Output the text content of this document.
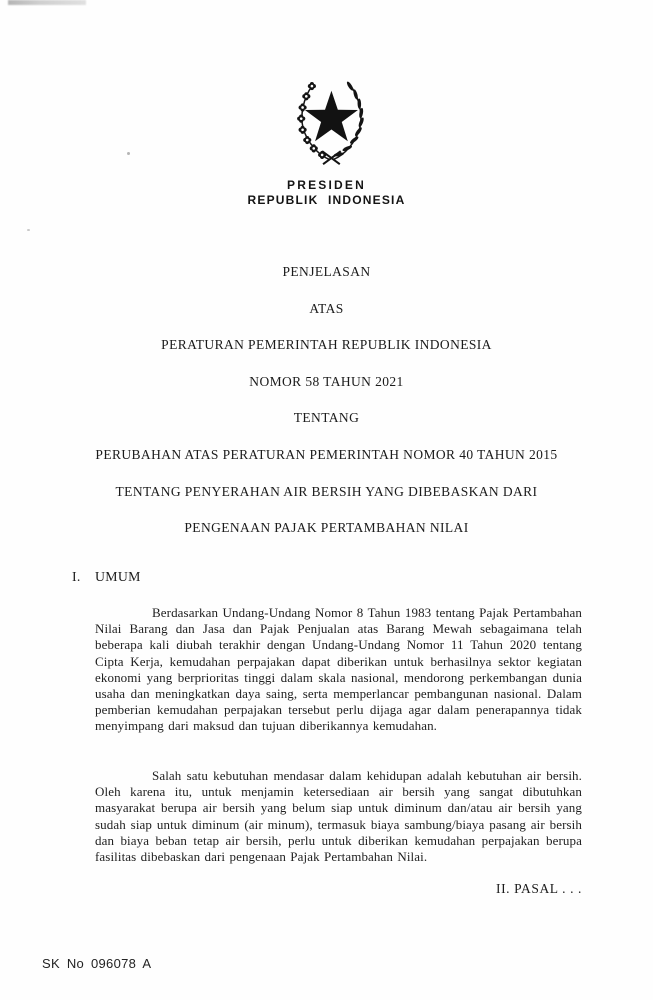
PRESIDEN
REPUBLIK INDONESIA
PENJELASAN
ATAS
PERATURAN PEMERINTAH REPUBLIK INDONESIA
NOMOR 58 TAHUN 2021
TENTANG
PERUBAHAN ATAS PERATURAN PEMERINTAH NOMOR 40 TAHUN 2015
TENTANG PENYERAHAN AIR BERSIH YANG DIBEBASKAN DARI
PENGENAAN PAJAK PERTAMBAHAN NILAI
I. UMUM

Berdasarkan Undang-Undang Nomor 8 Tahun 1983 tentang Pajak Pertambahan Nilai Barang dan Jasa dan Pajak Penjualan atas Barang Mewah sebagaimana telah beberapa kali diubah terakhir dengan Undang-Undang Nomor 11 Tahun 2020 tentang Cipta Kerja, kemudahan perpajakan dapat diberikan untuk berhasilnya sektor kegiatan ekonomi yang berprioritas tinggi dalam skala nasional, mendorong perkembangan dunia usaha dan meningkatkan daya saing, serta memperlancar pembangunan nasional. Dalam pemberian kemudahan perpajakan tersebut perlu dijaga agar dalam penerapannya tidak menyimpang dari maksud dan tujuan diberikannya kemudahan.

Salah satu kebutuhan mendasar dalam kehidupan adalah kebutuhan air bersih. Oleh karena itu, untuk menjamin ketersediaan air bersih yang sangat dibutuhkan masyarakat berupa air bersih yang belum siap untuk diminum dan/atau air bersih yang sudah siap untuk diminum (air minum), termasuk biaya sambung/biaya pasang air bersih dan biaya beban tetap air bersih, perlu untuk diberikan kemudahan perpajakan berupa fasilitas dibebaskan dari pengenaan Pajak Pertambahan Nilai.

II. PASAL . . .
SK No 096078 A
